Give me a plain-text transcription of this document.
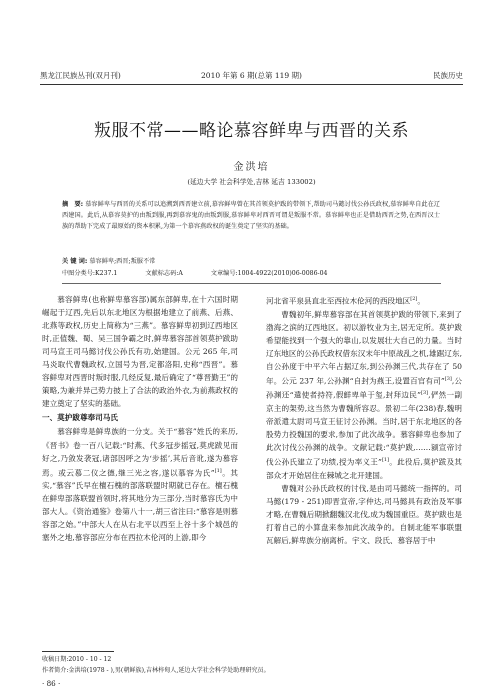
黑龙江民族丛刊(双月刊)	2010 年第 6 期(总第 119 期)	民族历史
叛服不常——略论慕容鲜卑与西晋的关系
金洪培
(延边大学 社会科学处,吉林 延吉 133002)
摘　要: 慕容鲜卑与西晋的关系可以追溯到西晋建立前,慕容鲜卑曾在其首领莫护跋的带领下,帮助司马懿讨伐公孙氏政权,慕容鲜卑自此在辽西建国。此后,从慕容莫护的由叛到服,再到慕容鬼的由叛到服,慕容鲜卑对西晋可谓是叛服不常。慕容鲜卑也正是借助西晋之势,在西晋汉士族的帮助下完成了最原始的资本积累,为第一个慕容燕政权的诞生奠定了坚实的基础。
关 键 词: 慕容鲜卑;西晋;叛服不常
中图分类号:K237.1	文献标志码:A	文章编号:1004-4922(2010)06-0086-04

慕容鲜卑(也称鲜卑慕容部)属东部鲜卑,在十六国时期崛起于辽西,先后以东北地区为根据地建立了前燕、后燕、北燕等政权,历史上简称为“三燕”。慕容鲜卑初到辽西地区时,正值魏、蜀、吴三国争霸之时,鲜卑慕容部首领莫护跋助司马宣王司马懿讨伐公孙氏有功,始建国。公元 265 年,司马炎取代曹魏政权,立国号为晋,定都洛阳,史称“西晋”。慕容鲜卑对西晋时叛时服,几经反复,最后确定了“尊晋勤王”的策略,为兼并异己势力披上了合法的政治外衣,为前燕政权的建立奠定了坚实的基础。

一、莫护跋尊奉司马氏

慕容鲜卑是鲜卑族的一分支。关于“慕容”姓氏的来历,《晋书》卷一百八记载:“时燕、代多冠步摇冠,莫虎跋见而好之,乃敛发袭冠,诸部因呼之为‘步摇’,其后音讹,遂为慕容焉。或云慕二仪之德,继三光之容,遂以慕容为氏”[1]。其实,“慕容”氏早在檀石槐的部落联盟时期就已存在。檀石槐在鲜卑部落联盟首领时,将其地分为三部分,当时慕容氏为中部大人。《资治通鉴》卷第八十一,胡三省注曰:“慕容是则慕容部之始。”中部大人在从右北平以西至上谷十多个城邑的塞外之地,慕容部应分布在西拉木伦河的上游,即今

河北省平泉县直北至西拉木伦河的西段地区[2]。

曹魏初年,鲜卑慕容部在其首领莫护跋的带领下,来到了渤海之滨的辽西地区。初以游牧业为主,居无定所。莫护跋希望能找到一个强大的靠山,以发展壮大自己的力量。当时辽东地区的公孙氏政权借东汉末年中原战乱之机,雄踞辽东,自公孙度于中平六年占据辽东,到公孙渊三代,共存在了 50 年。公元 237 年,公孙渊“自封为燕王,设置百官有司”[3],公孙渊还“遣使者持符,假鲜卑单于玺,封拜边民”[3],俨然一副京主的架势,这当然为曹魏所容忍。景初二年(238)春,魏明帝派遣太尉司马宣王征讨公孙渊。当时,居于东北地区的各股势力投魏国的要求,参加了此次战争。慕容鲜卑也参加了此次讨伐公孙渊的战争。文献记载:“莫护跋,……颍宣帝讨伐公孙氏建立了功绩,授为率义王”[1]。此役后,莫护跋及其部众才开始居住在棘城之北开建国。

曹魏对公孙氏政权的讨伐,是由司马懿统一指挥的。司马懿(179 - 251)即晋宣帝,字仲达,司马懿具有政治及军事才略,在曹魏后期掀翻魏汉北伐,成为魏国重臣。莫护跋也是打着自己的小算盘来参加此次战争的。自制北能军事联盟瓦解后,鲜卑族分崩离析。宇文、段氏、慕容居于中

收稿日期:2010 - 10 - 12
作者简介:金洪培(1978 - ),男(朝鲜族),吉林梓甸人,延边大学社会科学处助理研究员。
· 86 ·
